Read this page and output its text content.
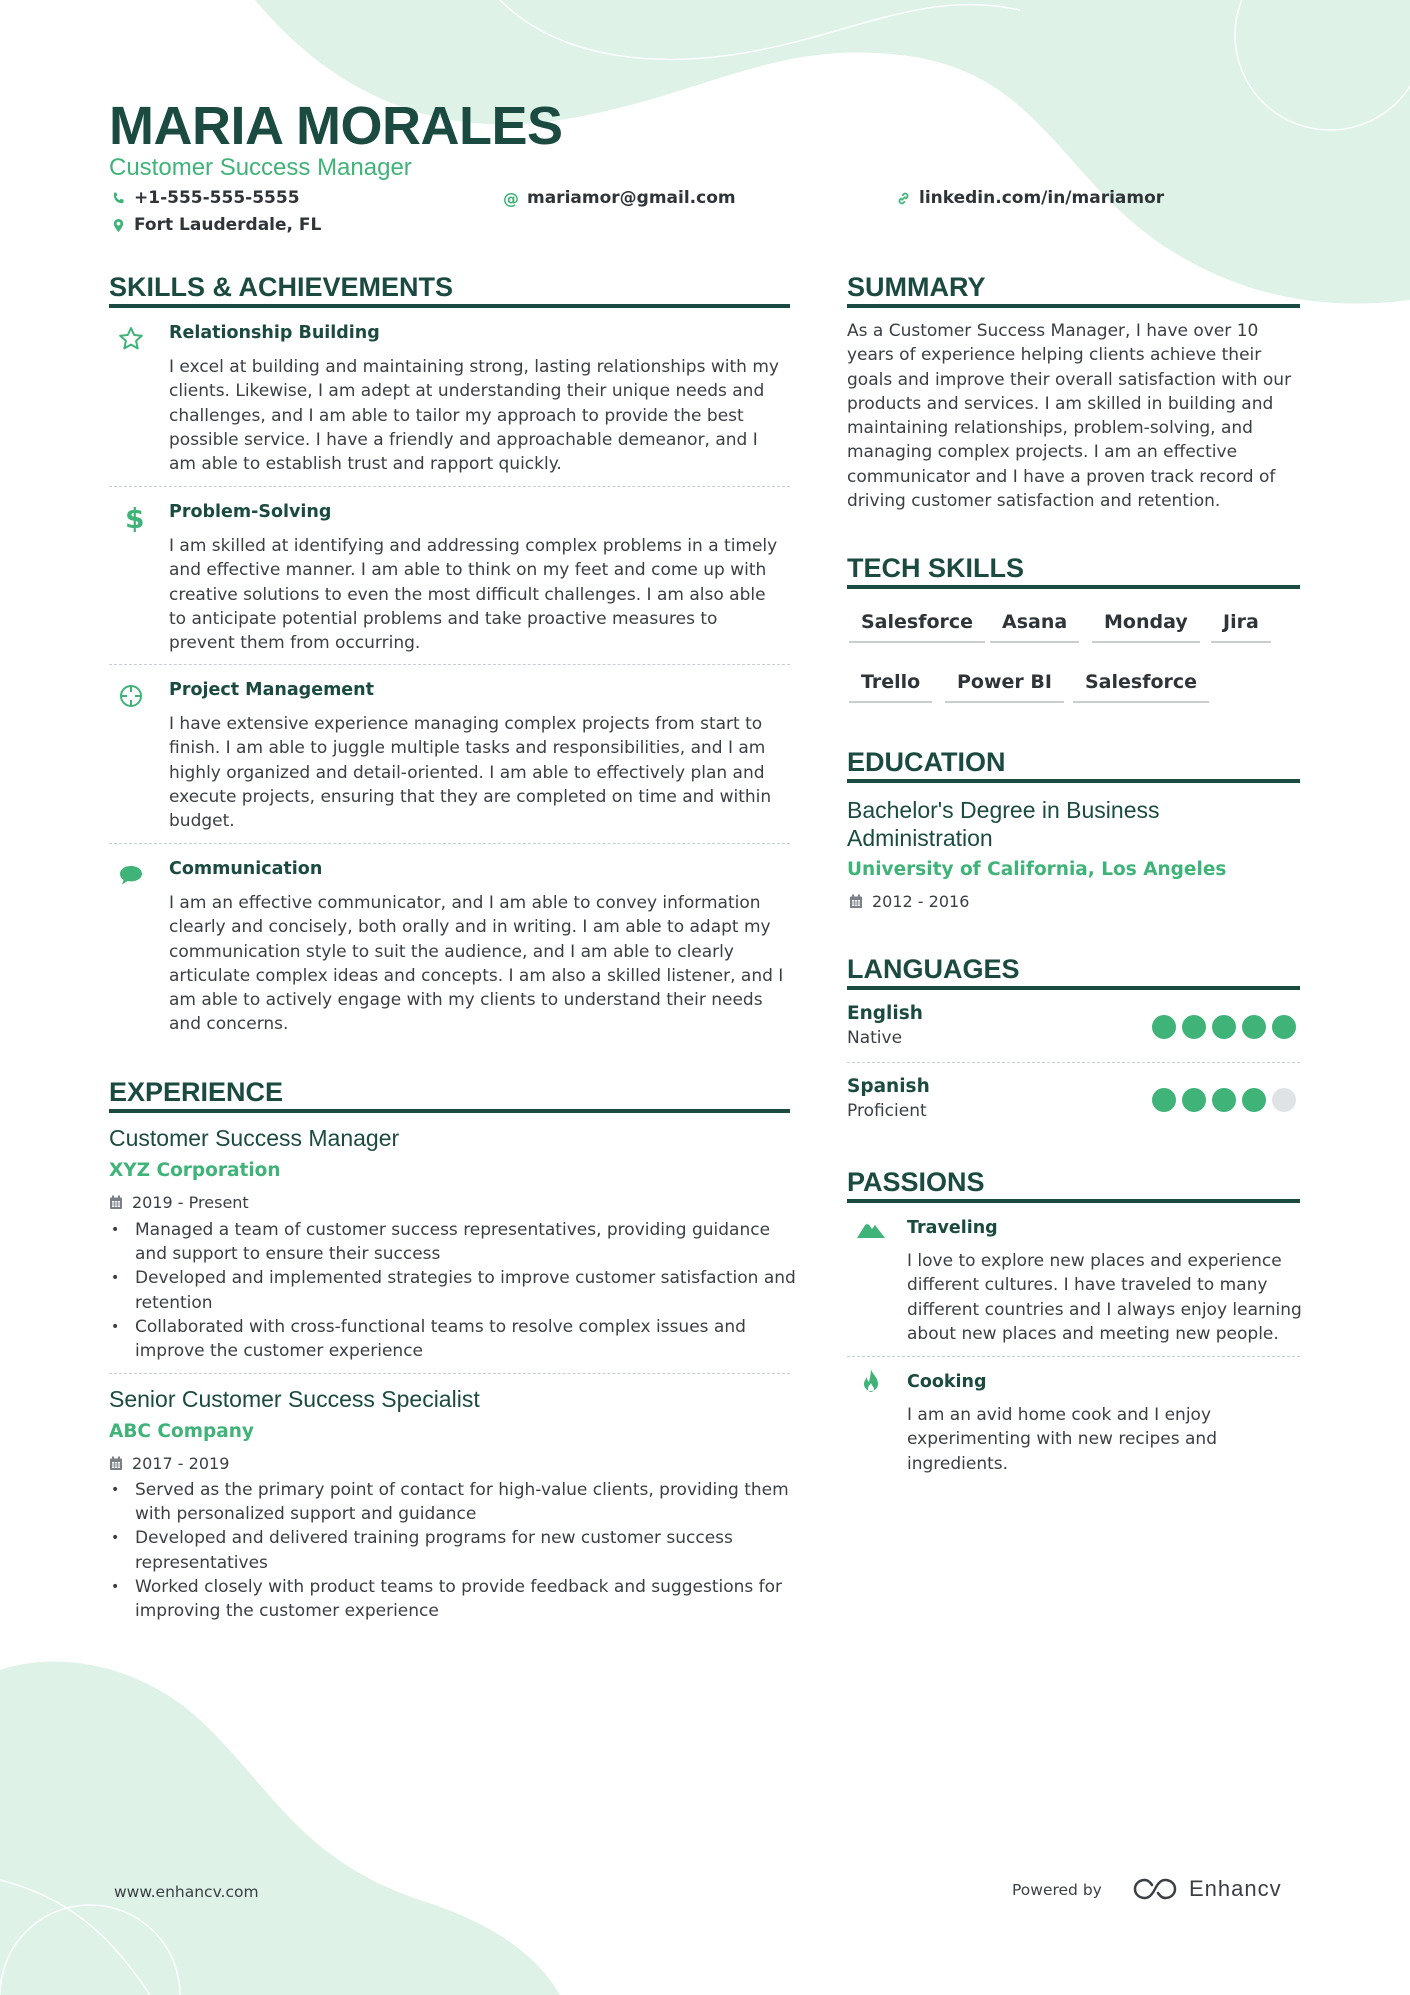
MARIA MORALES
Customer Success Manager
+1-555-555-5555	@ mariamor@gmail.com	linkedin.com/in/mariamor
Fort Lauderdale, FL
SKILLS & ACHIEVEMENTS
Relationship Building
I excel at building and maintaining strong, lasting relationships with my clients. Likewise, I am adept at understanding their unique needs and challenges, and I am able to tailor my approach to provide the best possible service. I have a friendly and approachable demeanor, and I am able to establish trust and rapport quickly.
$ Problem-Solving
I am skilled at identifying and addressing complex problems in a timely and effective manner. I am able to think on my feet and come up with creative solutions to even the most difficult challenges. I am also able to anticipate potential problems and take proactive measures to prevent them from occurring.
Project Management
I have extensive experience managing complex projects from start to finish. I am able to juggle multiple tasks and responsibilities, and I am highly organized and detail-oriented. I am able to effectively plan and execute projects, ensuring that they are completed on time and within budget.
Communication
I am an effective communicator, and I am able to convey information clearly and concisely, both orally and in writing. I am able to adapt my communication style to suit the audience, and I am able to clearly articulate complex ideas and concepts. I am also a skilled listener, and I am able to actively engage with my clients to understand their needs and concerns.
EXPERIENCE
Customer Success Manager
XYZ Corporation
2019 - Present
• Managed a team of customer success representatives, providing guidance and support to ensure their success
• Developed and implemented strategies to improve customer satisfaction and retention
• Collaborated with cross-functional teams to resolve complex issues and improve the customer experience
Senior Customer Success Specialist
ABC Company
2017 - 2019
• Served as the primary point of contact for high-value clients, providing them with personalized support and guidance
• Developed and delivered training programs for new customer success representatives
• Worked closely with product teams to provide feedback and suggestions for improving the customer experience
SUMMARY
As a Customer Success Manager, I have over 10 years of experience helping clients achieve their goals and improve their overall satisfaction with our products and services. I am skilled in building and maintaining relationships, problem-solving, and managing complex projects. I am an effective communicator and I have a proven track record of driving customer satisfaction and retention.
TECH SKILLS
Salesforce	Asana	Monday	Jira
Trello	Power BI	Salesforce
EDUCATION
Bachelor's Degree in Business Administration
University of California, Los Angeles
2012 - 2016
LANGUAGES
English
Native
Spanish
Proficient
PASSIONS
Traveling
I love to explore new places and experience different cultures. I have traveled to many different countries and I always enjoy learning about new places and meeting new people.
Cooking
I am an avid home cook and I enjoy experimenting with new recipes and ingredients.
www.enhancv.com	Powered by	Enhancv
